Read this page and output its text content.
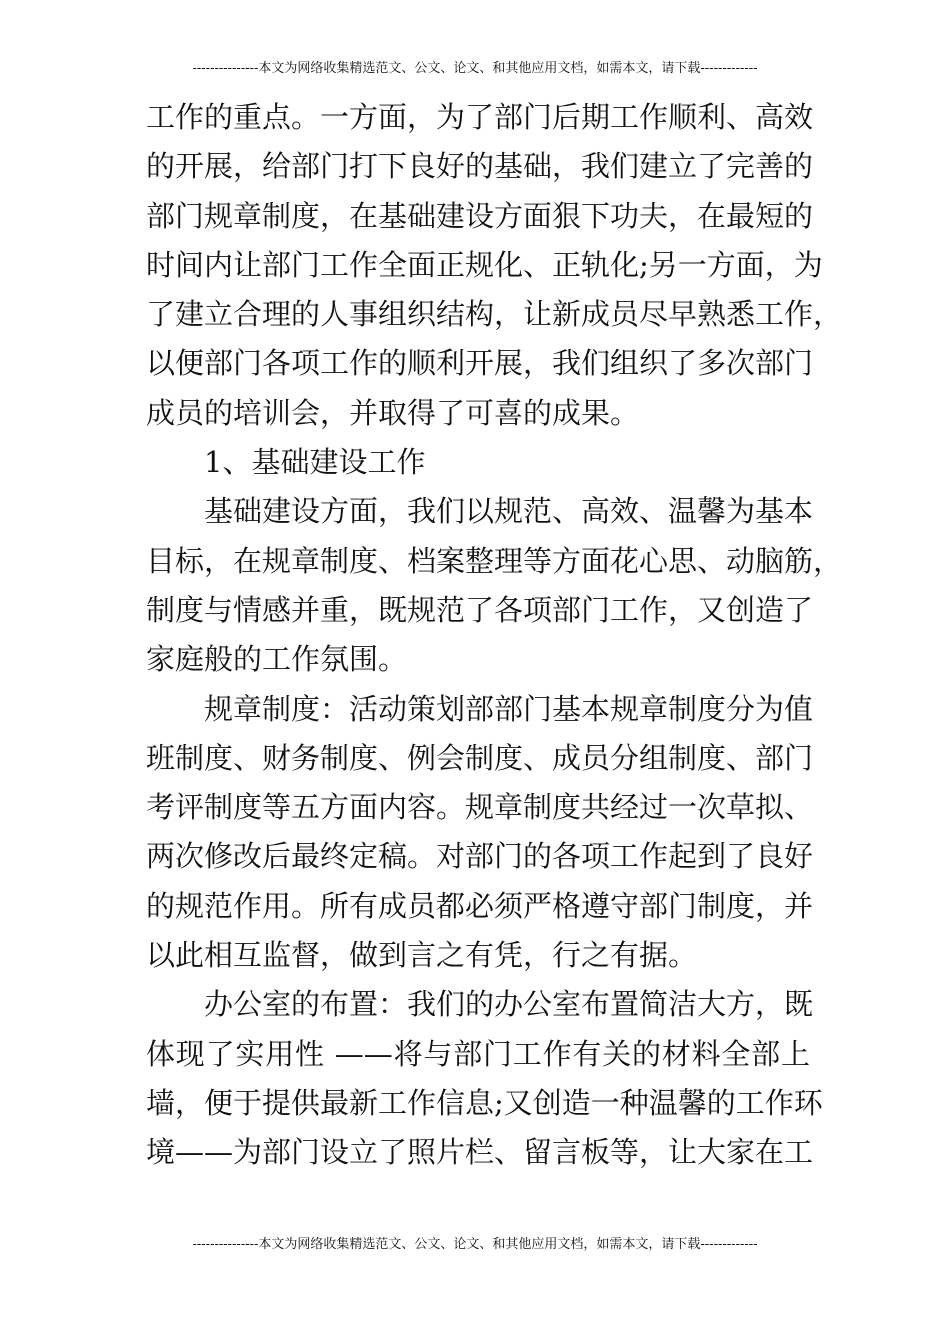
---------------本文为网络收集精选范文、公文、论文、和其他应用文档，如需本文，请下载-------------
工作的重点。一方面，为了部门后期工作顺利、高效
的开展，给部门打下良好的基础，我们建立了完善的
部门规章制度，在基础建设方面狠下功夫，在最短的
时间内让部门工作全面正规化、正轨化;另一方面，为
了建立合理的人事组织结构，让新成员尽早熟悉工作，
以便部门各项工作的顺利开展，我们组织了多次部门
成员的培训会，并取得了可喜的成果。
1、基础建设工作
基础建设方面，我们以规范、高效、温馨为基本
目标，在规章制度、档案整理等方面花心思、动脑筋，
制度与情感并重，既规范了各项部门工作，又创造了
家庭般的工作氛围。
规章制度：活动策划部部门基本规章制度分为值
班制度、财务制度、例会制度、成员分组制度、部门
考评制度等五方面内容。规章制度共经过一次草拟、
两次修改后最终定稿。对部门的各项工作起到了良好
的规范作用。所有成员都必须严格遵守部门制度，并
以此相互监督，做到言之有凭，行之有据。
办公室的布置：我们的办公室布置简洁大方，既
体现了实用性 ——将与部门工作有关的材料全部上
墙，便于提供最新工作信息;又创造一种温馨的工作环
境——为部门设立了照片栏、留言板等，让大家在工
---------------本文为网络收集精选范文、公文、论文、和其他应用文档，如需本文，请下载-------------
